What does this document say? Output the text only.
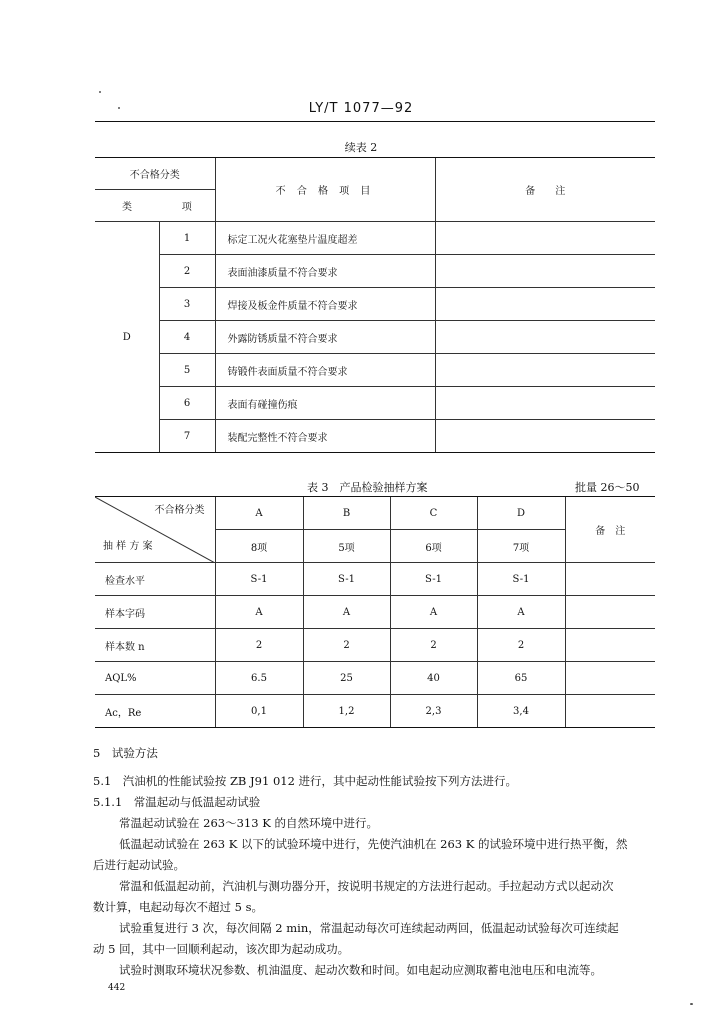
LY/T 1077—92
续表 2
不合格分类		不 合 格 项 目	备　　注
类	项		
D	1	标定工况火花塞垫片温度超差	
	2	表面油漆质量不符合要求	
	3	焊接及板金件质量不符合要求	
	4	外露防锈质量不符合要求	
	5	铸锻件表面质量不符合要求	
	6	表面有碰撞伤痕	
	7	装配完整性不符合要求	
表 3　产品检验抽样方案	批量 26～50
不合格分类
抽 样 方 案	A	B	C	D	备　注
	8项	5项	6项	7项	
检查水平	S-1	S-1	S-1	S-1	
样本字码	A	A	A	A	
样本数 n	2	2	2	2	
AQL%	6.5	25	40	65	
Ac，Re	0,1	1,2	2,3	3,4	
5　试验方法
5.1　汽油机的性能试验按 ZB J91 012 进行，其中起动性能试验按下列方法进行。
5.1.1　常温起动与低温起动试验
常温起动试验在 263～313 K 的自然环境中进行。
低温起动试验在 263 K 以下的试验环境中进行，先使汽油机在 263 K 的试验环境中进行热平衡，然
后进行起动试验。
常温和低温起动前，汽油机与测功器分开，按说明书规定的方法进行起动。手拉起动方式以起动次
数计算，电起动每次不超过 5 s。
试验重复进行 3 次，每次间隔 2 min，常温起动每次可连续起动两回，低温起动试验每次可连续起
动 5 回，其中一回顺利起动，该次即为起动成功。
试验时测取环境状况参数、机油温度、起动次数和时间。如电起动应测取蓄电池电压和电流等。
442
